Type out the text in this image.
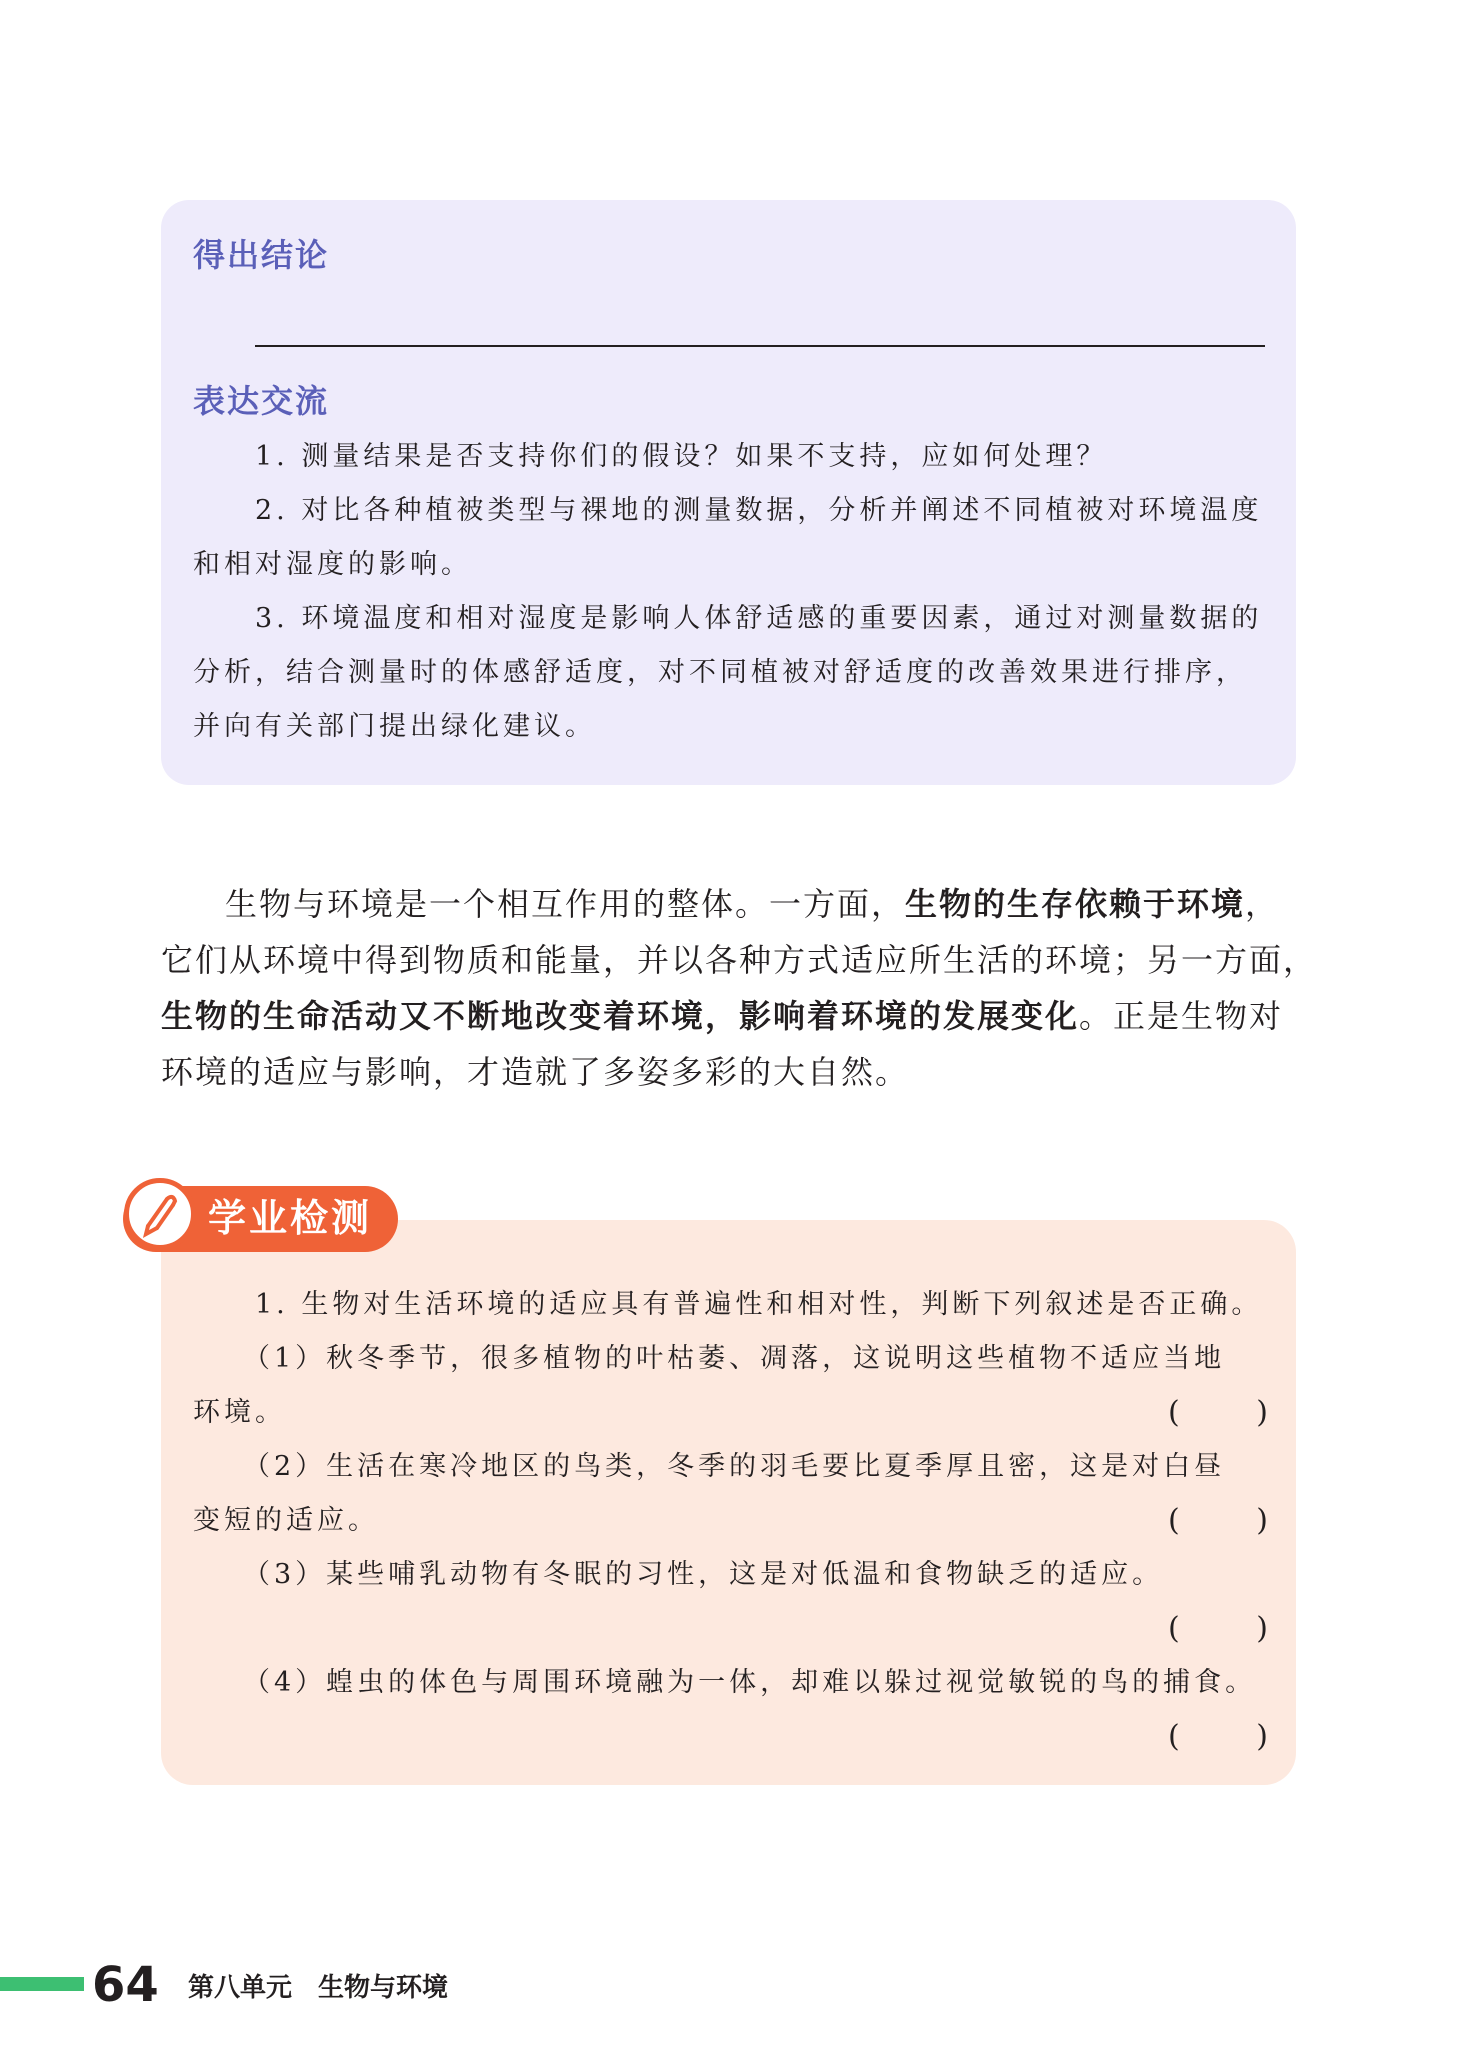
得出结论
表达交流
1. 测量结果是否支持你们的假设？如果不支持，应如何处理？
2. 对比各种植被类型与裸地的测量数据，分析并阐述不同植被对环境温度
和相对湿度的影响。
3. 环境温度和相对湿度是影响人体舒适感的重要因素，通过对测量数据的
分析，结合测量时的体感舒适度，对不同植被对舒适度的改善效果进行排序，
并向有关部门提出绿化建议。
生物与环境是一个相互作用的整体。一方面，生物的生存依赖于环境，
它们从环境中得到物质和能量，并以各种方式适应所生活的环境；另一方面，
生物的生命活动又不断地改变着环境，影响着环境的发展变化。正是生物对
环境的适应与影响，才造就了多姿多彩的大自然。
学业检测
1. 生物对生活环境的适应具有普遍性和相对性，判断下列叙述是否正确。
（1）秋冬季节，很多植物的叶枯萎、凋落，这说明这些植物不适应当地
环境。	(	)
（2）生活在寒冷地区的鸟类，冬季的羽毛要比夏季厚且密，这是对白昼
变短的适应。	(	)
（3）某些哺乳动物有冬眠的习性，这是对低温和食物缺乏的适应。
(	)
（4）蝗虫的体色与周围环境融为一体，却难以躲过视觉敏锐的鸟的捕食。
(	)
64 第八单元　生物与环境
